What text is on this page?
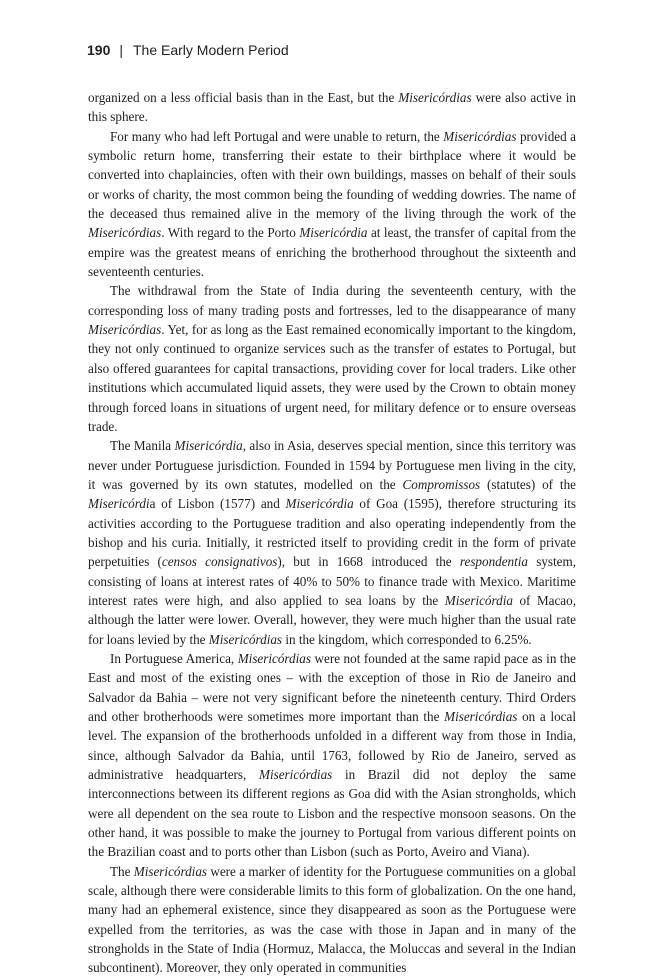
190 | The Early Modern Period

organized on a less official basis than in the East, but the Misericórdias were also active in this sphere.

For many who had left Portugal and were unable to return, the Misericórdias provided a symbolic return home, transferring their estate to their birthplace where it would be converted into chaplaincies, often with their own buildings, masses on behalf of their souls or works of charity, the most common being the founding of wedding dowries. The name of the deceased thus remained alive in the memory of the living through the work of the Misericórdias. With regard to the Porto Misericórdia at least, the transfer of capital from the empire was the greatest means of enriching the brotherhood throughout the sixteenth and seventeenth centuries.

The withdrawal from the State of India during the seventeenth century, with the corresponding loss of many trading posts and fortresses, led to the disappearance of many Misericórdias. Yet, for as long as the East remained economically important to the kingdom, they not only continued to organize services such as the transfer of estates to Portugal, but also offered guarantees for capital transactions, providing cover for local traders. Like other institutions which accumulated liquid assets, they were used by the Crown to obtain money through forced loans in situations of urgent need, for military defence or to ensure overseas trade.

The Manila Misericórdia, also in Asia, deserves special mention, since this territory was never under Portuguese jurisdiction. Founded in 1594 by Portuguese men living in the city, it was governed by its own statutes, modelled on the Compromissos (statutes) of the Misericórdia of Lisbon (1577) and Misericórdia of Goa (1595), therefore structuring its activities according to the Portuguese tradition and also operating independently from the bishop and his curia. Initially, it restricted itself to providing credit in the form of private perpetuities (censos consignativos), but in 1668 introduced the respondentia system, consisting of loans at interest rates of 40% to 50% to finance trade with Mexico. Maritime interest rates were high, and also applied to sea loans by the Misericórdia of Macao, although the latter were lower. Overall, however, they were much higher than the usual rate for loans levied by the Misericórdias in the kingdom, which corresponded to 6.25%.

In Portuguese America, Misericórdias were not founded at the same rapid pace as in the East and most of the existing ones – with the exception of those in Rio de Janeiro and Salvador da Bahia – were not very significant before the nineteenth century. Third Orders and other brotherhoods were sometimes more important than the Misericórdias on a local level. The expansion of the brotherhoods unfolded in a different way from those in India, since, although Salvador da Bahia, until 1763, followed by Rio de Janeiro, served as administrative headquarters, Misericórdias in Brazil did not deploy the same interconnections between its different regions as Goa did with the Asian strongholds, which were all dependent on the sea route to Lisbon and the respective monsoon seasons. On the other hand, it was possible to make the journey to Portugal from various different points on the Brazilian coast and to ports other than Lisbon (such as Porto, Aveiro and Viana).

The Misericórdias were a marker of identity for the Portuguese communities on a global scale, although there were considerable limits to this form of globalization. On the one hand, many had an ephemeral existence, since they disappeared as soon as the Portuguese were expelled from the territories, as was the case with those in Japan and in many of the strongholds in the State of India (Hormuz, Malacca, the Moluccas and several in the Indian subcontinent). Moreover, they only operated in communities
